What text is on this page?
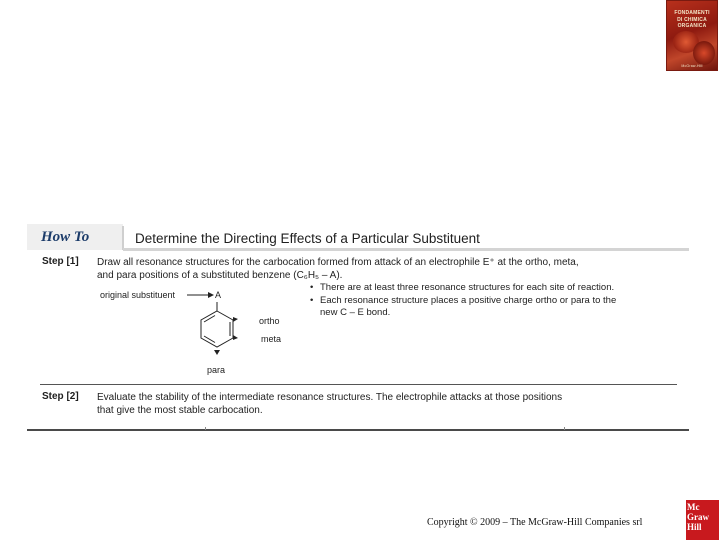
FONDAMENTI
DI CHIMICA
ORGANICA
McGraw-Hill
How To	Determine the Directing Effects of a Particular Substituent
Step [1] Draw all resonance structures for the carbocation formed from attack of an electrophile E⁺ at the ortho, meta,
and para positions of a substituted benzene (C₆H₅ – A).
original substituent	A
ortho
meta
para
• There are at least three resonance structures for each site of reaction.
• Each resonance structure places a positive charge ortho or para to the
new C – E bond.
Step [2] Evaluate the stability of the intermediate resonance structures. The electrophile attacks at those positions
that give the most stable carbocation.
Copyright © 2009 – The McGraw-Hill Companies srl
Mc
Graw
Hill
